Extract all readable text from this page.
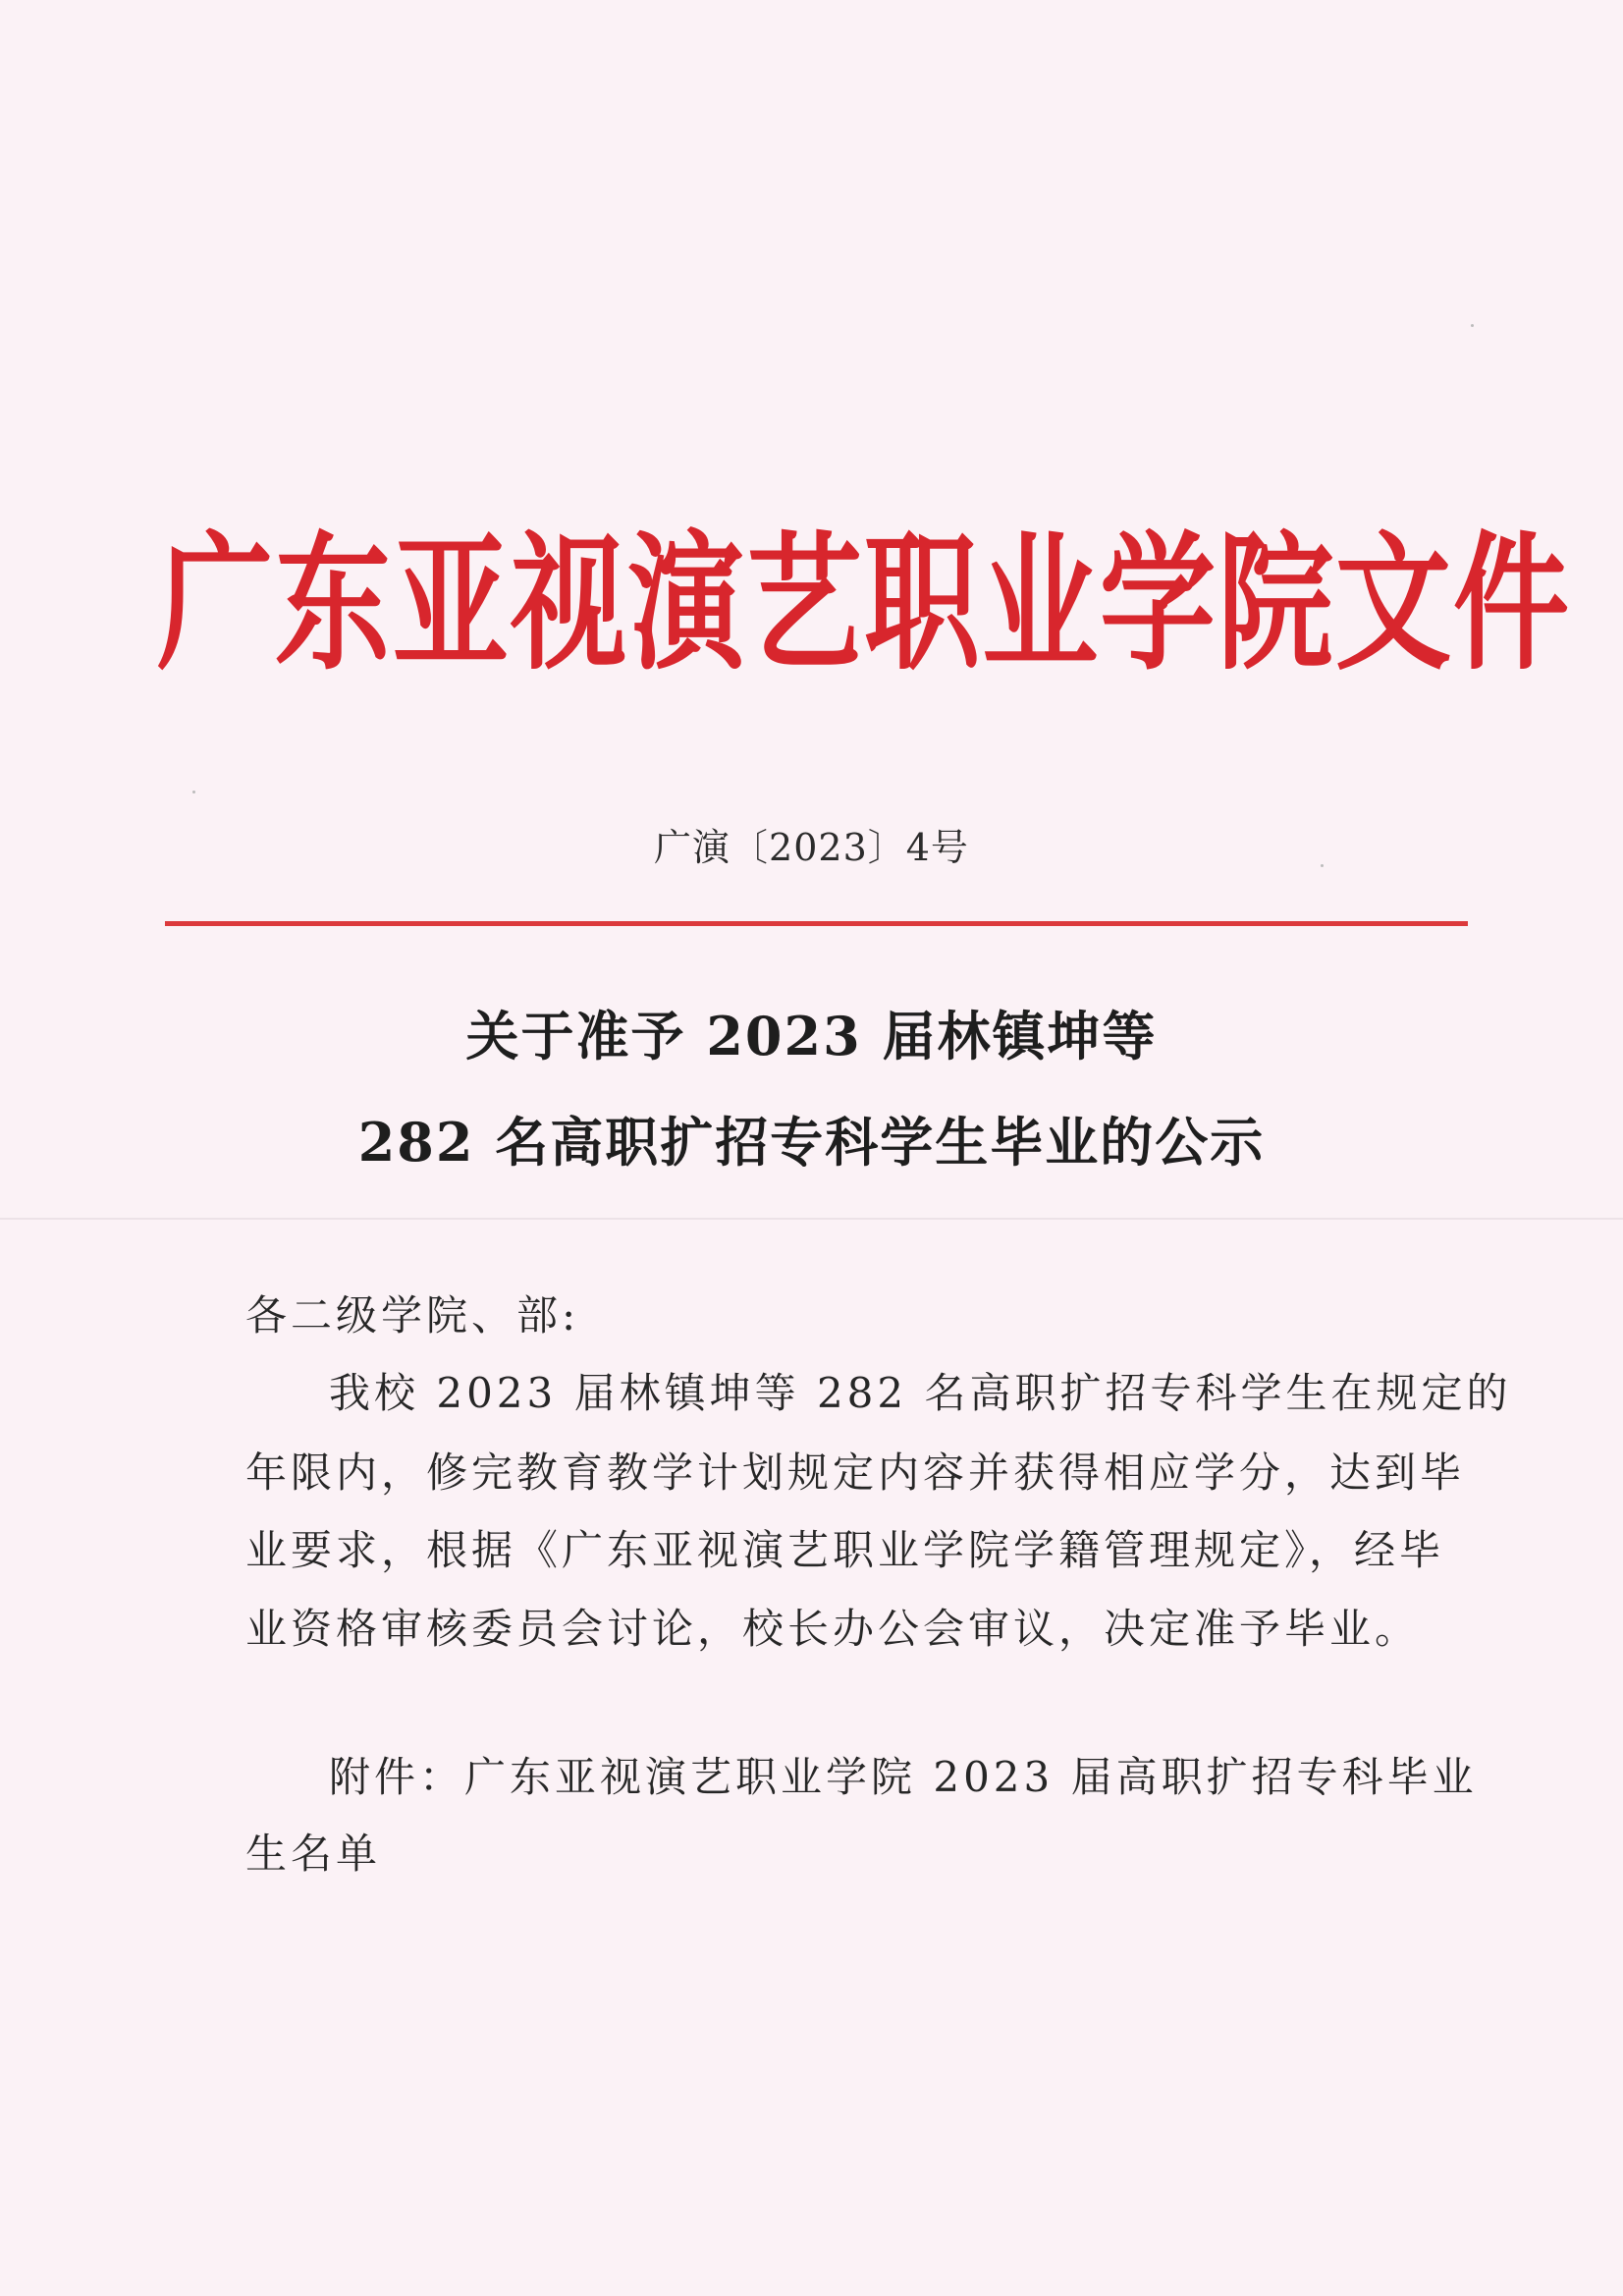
广东亚视演艺职业学院文件
广演〔2023〕4号
关于准予 2023 届林镇坤等
282 名高职扩招专科学生毕业的公示
各二级学院、部:
我校 2023 届林镇坤等 282 名高职扩招专科学生在规定的
年限内，修完教育教学计划规定内容并获得相应学分，达到毕
业要求，根据《广东亚视演艺职业学院学籍管理规定》，经毕
业资格审核委员会讨论，校长办公会审议，决定准予毕业。
附件：广东亚视演艺职业学院 2023 届高职扩招专科毕业
生名单
